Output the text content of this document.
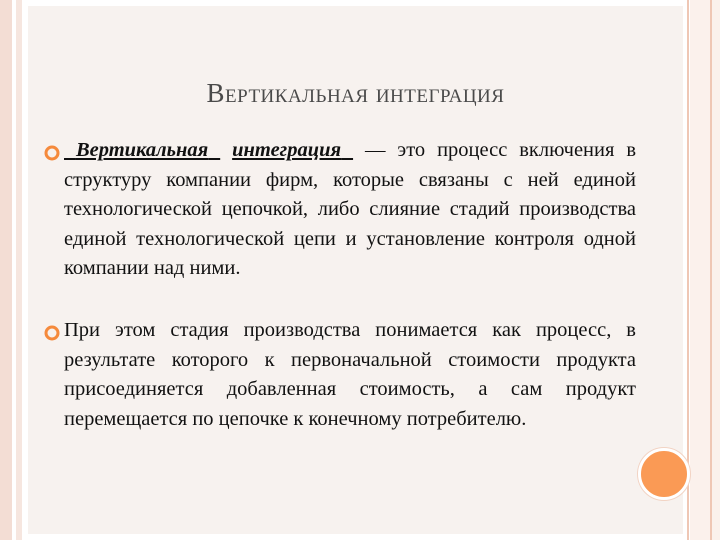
Вертикальная интеграция
Вертикальная интеграция  — это процесс включения в структуру компании фирм, которые связаны с ней единой технологической цепочкой, либо слияние стадий производства единой технологической цепи и установление контроля одной компании над ними.
При этом стадия производства понимается как процесс, в результате которого к первоначальной стоимости продукта присоединяется добавленная стоимость, а сам продукт перемещается по цепочке к конечному потребителю.
